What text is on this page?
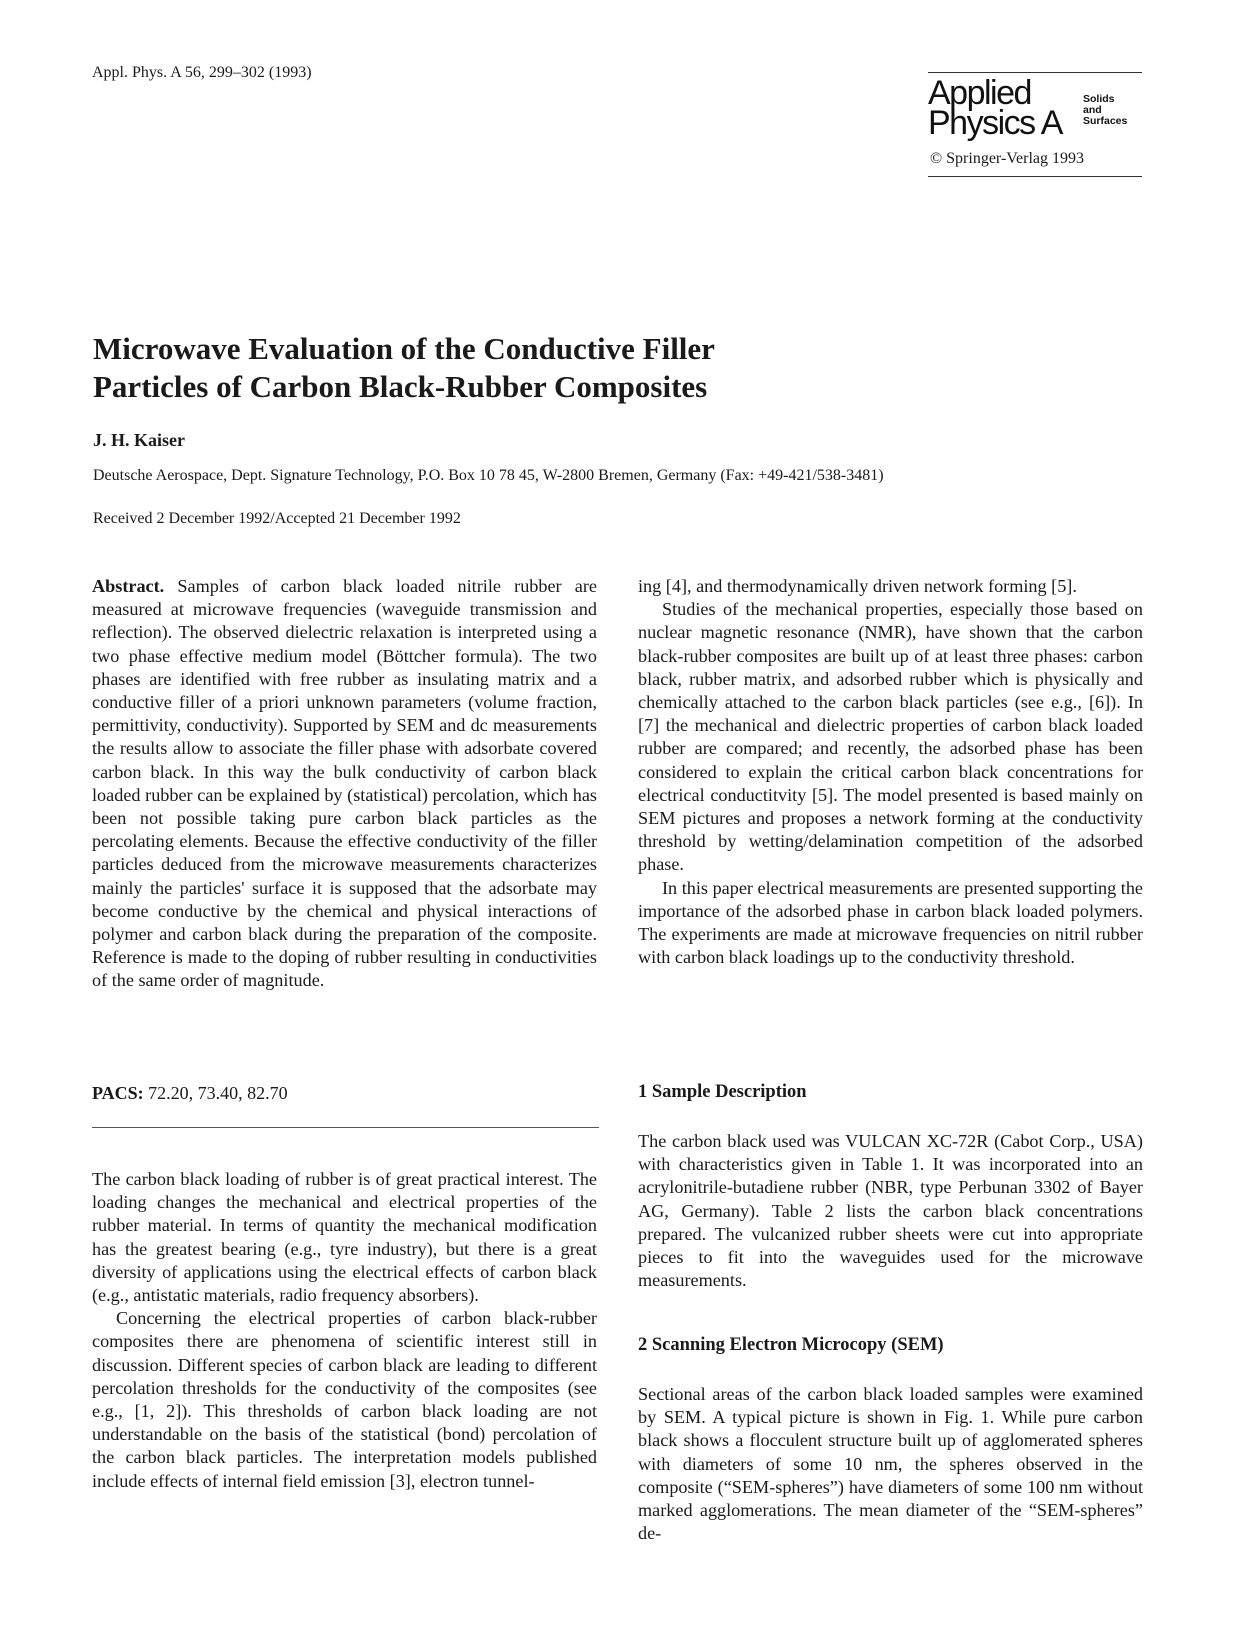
Appl. Phys. A 56, 299–302 (1993)
Applied
Physics A
Solids
and
Surfaces
© Springer-Verlag 1993
Microwave Evaluation of the Conductive Filler
Particles of Carbon Black-Rubber Composites
J. H. Kaiser
Deutsche Aerospace, Dept. Signature Technology, P.O. Box 10 78 45, W-2800 Bremen, Germany (Fax: +49-421/538-3481)
Received 2 December 1992/Accepted 21 December 1992

Abstract. Samples of carbon black loaded nitrile rubber are measured at microwave frequencies (waveguide transmission and reflection). The observed dielectric relaxation is interpreted using a two phase effective medium model (Böttcher formula). The two phases are identified with free rubber as insulating matrix and a conductive filler of a priori unknown parameters (volume fraction, permittivity, conductivity). Supported by SEM and dc measurements the results allow to associate the filler phase with adsorbate covered carbon black. In this way the bulk conductivity of carbon black loaded rubber can be explained by (statistical) percolation, which has been not possible taking pure carbon black particles as the percolating elements. Because the effective conductivity of the filler particles deduced from the microwave measurements characterizes mainly the particles' surface it is supposed that the adsorbate may become conductive by the chemical and physical interactions of polymer and carbon black during the preparation of the composite. Reference is made to the doping of rubber resulting in conductivities of the same order of magnitude.

PACS: 72.20, 73.40, 82.70

The carbon black loading of rubber is of great practical interest. The loading changes the mechanical and electrical properties of the rubber material. In terms of quantity the mechanical modification has the greatest bearing (e.g., tyre industry), but there is a great diversity of applications using the electrical effects of carbon black (e.g., antistatic materials, radio frequency absorbers).

Concerning the electrical properties of carbon black-rubber composites there are phenomena of scientific interest still in discussion. Different species of carbon black are leading to different percolation thresholds for the conductivity of the composites (see e.g., [1, 2]). This thresholds of carbon black loading are not understandable on the basis of the statistical (bond) percolation of the carbon black particles. The interpretation models published include effects of internal field emission [3], electron tunnel-

ing [4], and thermodynamically driven network forming [5].

Studies of the mechanical properties, especially those based on nuclear magnetic resonance (NMR), have shown that the carbon black-rubber composites are built up of at least three phases: carbon black, rubber matrix, and adsorbed rubber which is physically and chemically attached to the carbon black particles (see e.g., [6]). In [7] the mechanical and dielectric properties of carbon black loaded rubber are compared; and recently, the adsorbed phase has been considered to explain the critical carbon black concentrations for electrical conductitvity [5]. The model presented is based mainly on SEM pictures and proposes a network forming at the conductivity threshold by wetting/delamination competition of the adsorbed phase.

In this paper electrical measurements are presented supporting the importance of the adsorbed phase in carbon black loaded polymers. The experiments are made at microwave frequencies on nitril rubber with carbon black loadings up to the conductivity threshold.

1 Sample Description

The carbon black used was VULCAN XC-72R (Cabot Corp., USA) with characteristics given in Table 1. It was incorporated into an acrylonitrile-butadiene rubber (NBR, type Perbunan 3302 of Bayer AG, Germany). Table 2 lists the carbon black concentrations prepared. The vulcanized rubber sheets were cut into appropriate pieces to fit into the waveguides used for the microwave measurements.

2 Scanning Electron Microcopy (SEM)

Sectional areas of the carbon black loaded samples were examined by SEM. A typical picture is shown in Fig. 1. While pure carbon black shows a flocculent structure built up of agglomerated spheres with diameters of some 10 nm, the spheres observed in the composite (“SEM-spheres”) have diameters of some 100 nm without marked agglomerations. The mean diameter of the “SEM-spheres” de-
